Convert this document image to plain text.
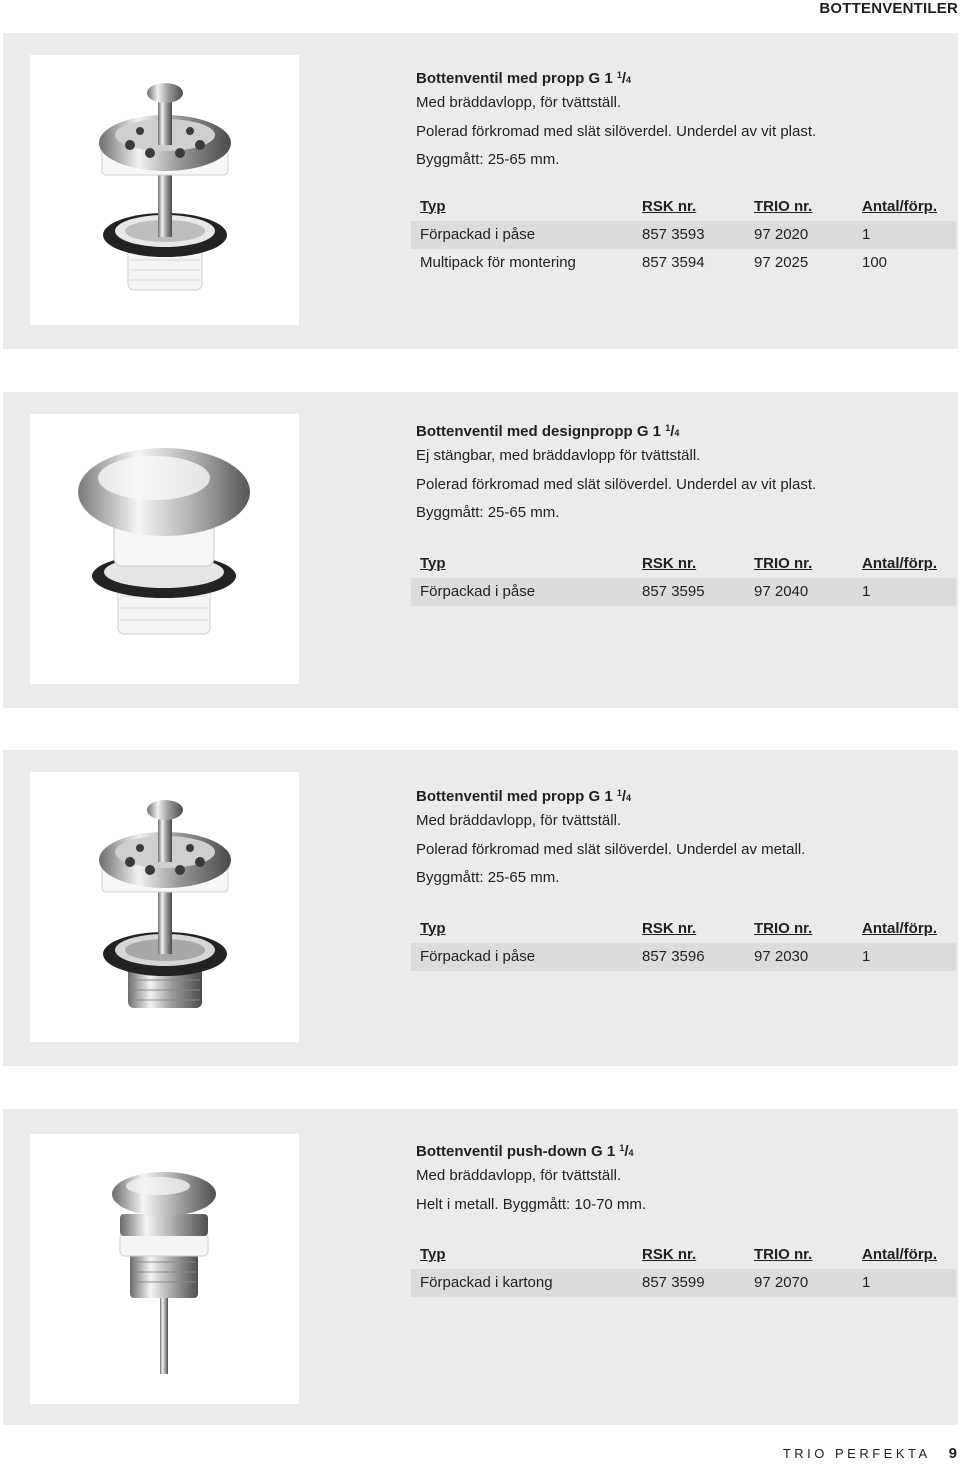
BOTTENVENTILER
Bottenventil med propp G 1 $^1$/4
Med bräddavlopp, för tvättställ.
Polerad förkromad med slät silöverdel. Underdel av vit plast.
Byggmått: 25-65 mm.
Typ	RSK nr.	TRIO nr.	Antal/förp.
Förpackad i påse	857 3593	97 2020	1
Multipack för montering	857 3594	97 2025	100
Bottenventil med designpropp G 1 $^1$/4
Ej stängbar, med bräddavlopp för tvättställ.
Polerad förkromad med slät silöverdel. Underdel av vit plast.
Byggmått: 25-65 mm.
Typ	RSK nr.	TRIO nr.	Antal/förp.
Förpackad i påse	857 3595	97 2040	1
Bottenventil med propp G 1 $^1$/4
Med bräddavlopp, för tvättställ.
Polerad förkromad med slät silöverdel. Underdel av metall.
Byggmått: 25-65 mm.
Typ	RSK nr.	TRIO nr.	Antal/förp.
Förpackad i påse	857 3596	97 2030	1
Bottenventil push-down G 1 $^1$/4
Med bräddavlopp, för tvättställ.
Helt i metall. Byggmått: 10-70 mm.
Typ	RSK nr.	TRIO nr.	Antal/förp.
Förpackad i kartong	857 3599	97 2070	1
TRIO PERFEKTA 9
